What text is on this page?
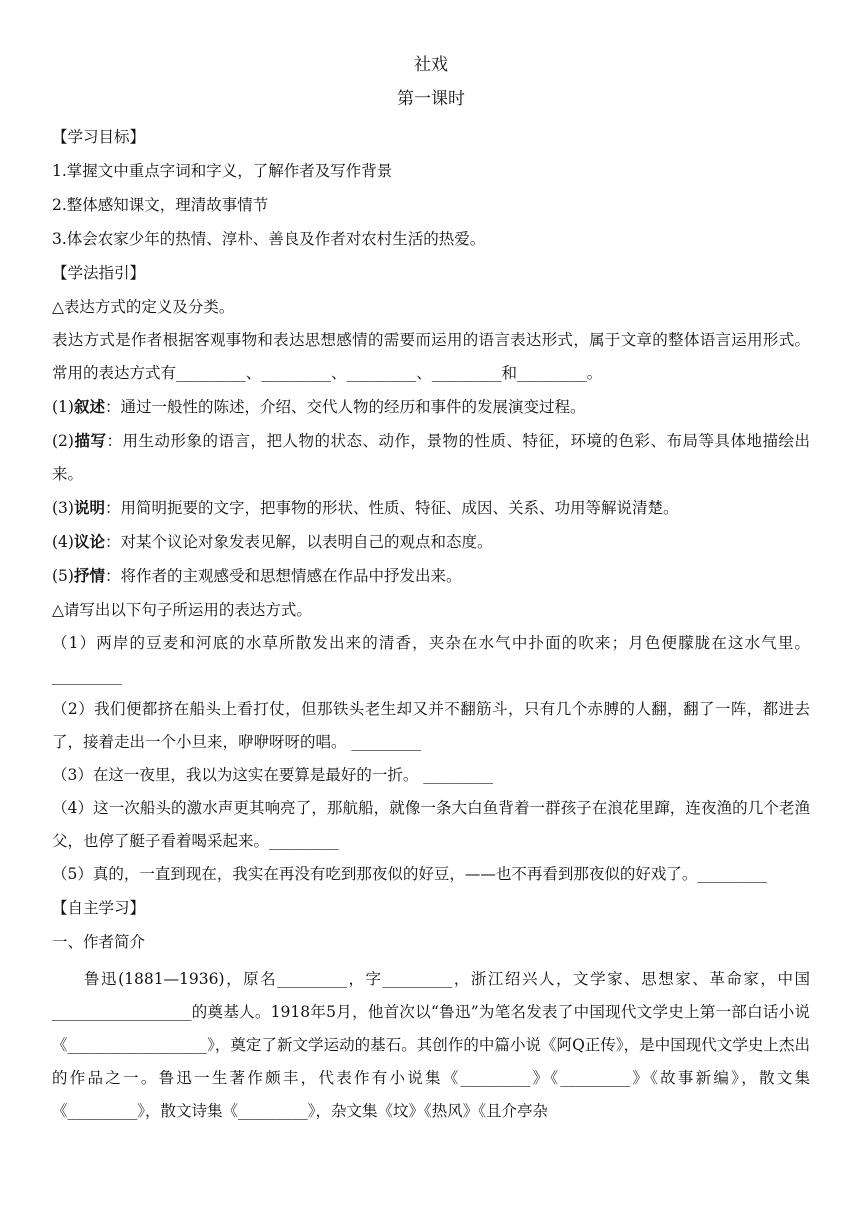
社戏

第一课时

【学习目标】

1.掌握文中重点字词和字义，了解作者及写作背景

2.整体感知课文，理清故事情节

3.体会农家少年的热情、淳朴、善良及作者对农村生活的热爱。

【学法指引】

△表达方式的定义及分类。

表达方式是作者根据客观事物和表达思想感情的需要而运用的语言表达形式，属于文章的整体语言运用形式。常用的表达方式有_________、_________、_________、_________和_________。

(1)叙述：通过一般性的陈述，介绍、交代人物的经历和事件的发展演变过程。

(2)描写：用生动形象的语言，把人物的状态、动作，景物的性质、特征，环境的色彩、布局等具体地描绘出来。

(3)说明：用简明扼要的文字，把事物的形状、性质、特征、成因、关系、功用等解说清楚。

(4)议论：对某个议论对象发表见解，以表明自己的观点和态度。

(5)抒情：将作者的主观感受和思想情感在作品中抒发出来。

△请写出以下句子所运用的表达方式。

（1）两岸的豆麦和河底的水草所散发出来的清香，夹杂在水气中扑面的吹来；月色便朦胧在这水气里。_________

（2）我们便都挤在船头上看打仗，但那铁头老生却又并不翻筋斗，只有几个赤膊的人翻，翻了一阵，都进去了，接着走出一个小旦来，咿咿呀呀的唱。 _________

（3）在这一夜里，我以为这实在要算是最好的一折。 _________

（4）这一次船头的激水声更其响亮了，那航船，就像一条大白鱼背着一群孩子在浪花里蹿，连夜渔的几个老渔父，也停了艇子看着喝采起来。_________

（5）真的，一直到现在，我实在再没有吃到那夜似的好豆，——也不再看到那夜似的好戏了。_________

【自主学习】

一、作者简介

鲁迅(1881—1936)，原名_________，字_________，浙江绍兴人，文学家、思想家、革命家，中国__________________的奠基人。1918年5月，他首次以“鲁迅”为笔名发表了中国现代文学史上第一部白话小说《__________________》，奠定了新文学运动的基石。其创作的中篇小说《阿Q正传》，是中国现代文学史上杰出的作品之一。鲁迅一生著作颇丰，代表作有小说集《_________》《_________》《故事新编》，散文集《_________》，散文诗集《_________》，杂文集《坟》《热风》《且介亭杂
